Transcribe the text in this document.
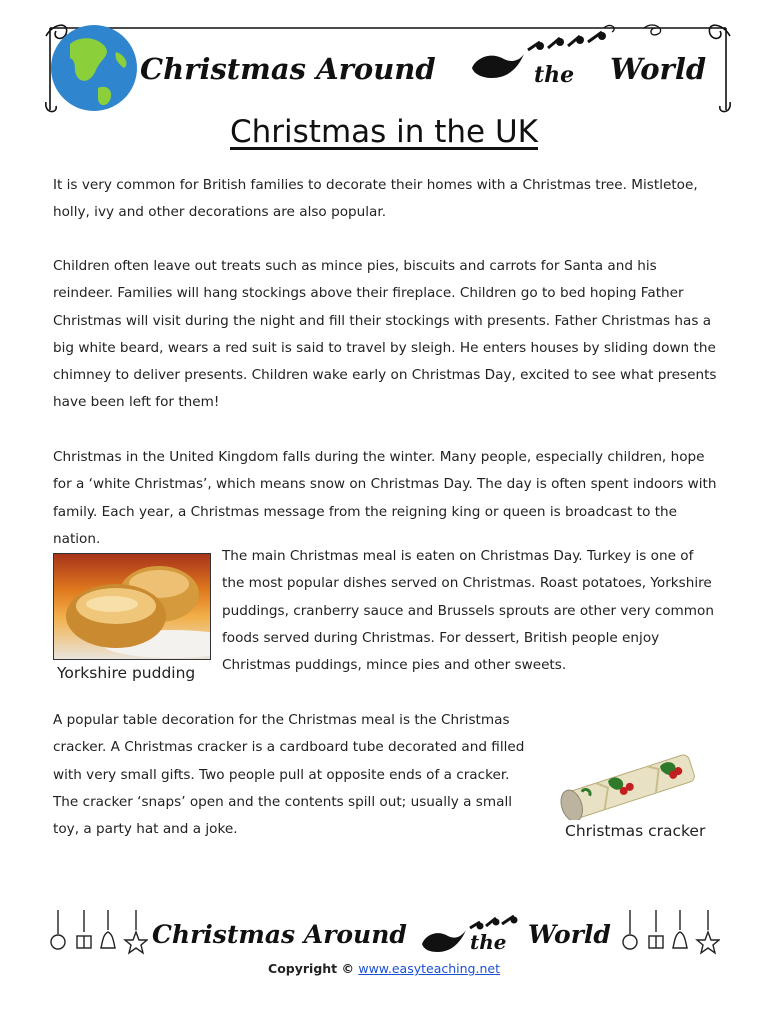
Christmas Around	the World
Christmas in the UK

It is very common for British families to decorate their homes with a Christmas tree. Mistletoe, holly, ivy and other decorations are also popular.

Children often leave out treats such as mince pies, biscuits and carrots for Santa and his reindeer. Families will hang stockings above their fireplace. Children go to bed hoping Father Christmas will visit during the night and fill their stockings with presents. Father Christmas has a big white beard, wears a red suit is said to travel by sleigh. He enters houses by sliding down the chimney to deliver presents. Children wake early on Christmas Day, excited to see what presents have been left for them!

Christmas in the United Kingdom falls during the winter. Many people, especially children, hope for a ‘white Christmas’, which means snow on Christmas Day. The day is often spent indoors with family. Each year, a Christmas message from the reigning king or queen is broadcast to the nation.

Yorkshire pudding

The main Christmas meal is eaten on Christmas Day. Turkey is one of the most popular dishes served on Christmas. Roast potatoes, Yorkshire puddings, cranberry sauce and Brussels sprouts are other very common foods served during Christmas. For dessert, British people enjoy Christmas puddings, mince pies and other sweets.

A popular table decoration for the Christmas meal is the Christmas cracker. A Christmas cracker is a cardboard tube decorated and filled with very small gifts. Two people pull at opposite ends of a cracker. The cracker ‘snaps’ open and the contents spill out; usually a small toy, a party hat and a joke.	Christmas cracker
Christmas Around	the World
Copyright © www.easyteaching.net
